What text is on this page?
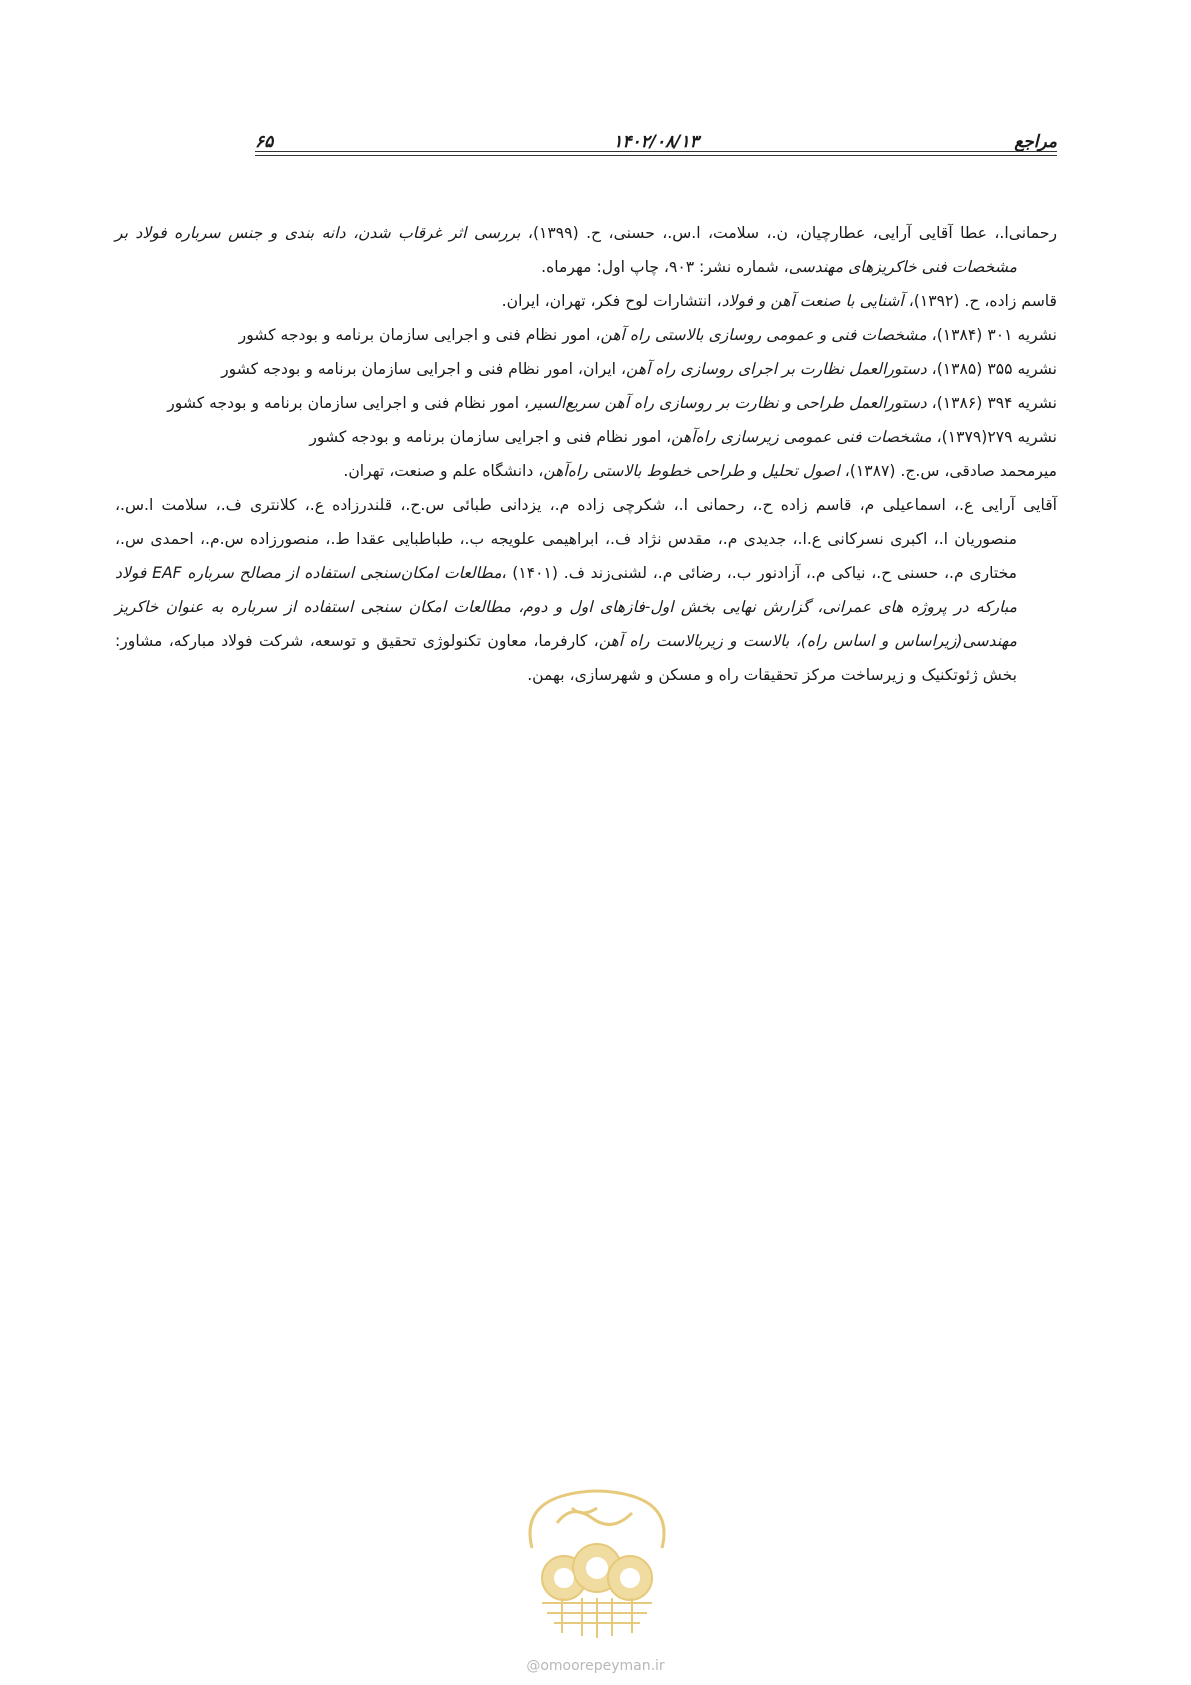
مراجع
۱۴۰۲/۰۸/۱۳
۶۵

رحمانی‌ا.، عطا آقایی آرایی، عطارچیان، ن.، سلامت، ا.س.، حسنی، ح. (۱۳۹۹)، بررسی اثر غرقاب شدن، دانه بندی و جنس سرباره فولاد بر مشخصات فنی خاکریزهای مهندسی، شماره نشر: ۹۰۳، چاپ اول: مهرماه.

قاسم زاده، ح. (۱۳۹۲)، آشنایی با صنعت آهن و فولاد، انتشارات لوح فکر، تهران، ایران.

نشریه ۳۰۱ (۱۳۸۴)، مشخصات فنی و عمومی روسازی بالاستی راه آهن، امور نظام فنی و اجرایی سازمان برنامه و بودجه کشور

نشریه ۳۵۵ (۱۳۸۵)، دستورالعمل نظارت بر اجرای روسازی راه آهن، ایران، امور نظام فنی و اجرایی سازمان برنامه و بودجه کشور

نشریه ۳۹۴ (۱۳۸۶)، دستورالعمل طراحی و نظارت بر روسازی راه آهن سریع‌السیر، امور نظام فنی و اجرایی سازمان برنامه و بودجه کشور

نشریه ۲۷۹(۱۳۷۹)، مشخصات فنی عمومی زیرسازی راه‌آهن، امور نظام فنی و اجرایی سازمان برنامه و بودجه کشور

میرمحمد صادقی، س.ج. (۱۳۸۷)، اصول تحلیل و طراحی خطوط بالاستی راه‌آهن، دانشگاه علم و صنعت، تهران.

آقایی آرایی ع.، اسماعیلی م، قاسم زاده ح.، رحمانی ا.، شکرچی زاده م.، یزدانی طبائی س.ح.، قلندرزاده ع.، کلانتری ف.، سلامت ا.س.، منصوریان ا.، اکبری نسرکانی ع.ا.، جدیدی م.، مقدس نژاد ف.، ابراهیمی علویجه ب.، طباطبایی عقدا ط.، منصورزاده س.م.، احمدی س.، مختاری م.، حسنی ح.، نیاکی م.، آزادنور ب.، رضائی م.، لشنی‌زند ف. (۱۴۰۱) ،مطالعات امکان‌سنجی استفاده از مصالح سرباره EAF فولاد مبارکه در پروژه های عمرانی، گزارش نهایی بخش اول-فازهای اول و دوم، مطالعات امکان سنجی استفاده از سرباره به عنوان خاکریز مهندسی(زیراساس و اساس راه)، بالاست و زیربالاست راه آهن، کارفرما، معاون تکنولوژی تحقیق و توسعه، شرکت فولاد مبارکه، مشاور: بخش ژئوتکنیک و زیرساخت مرکز تحقیقات راه و مسکن و شهرسازی، بهمن.

@omoorepeyman.ir
